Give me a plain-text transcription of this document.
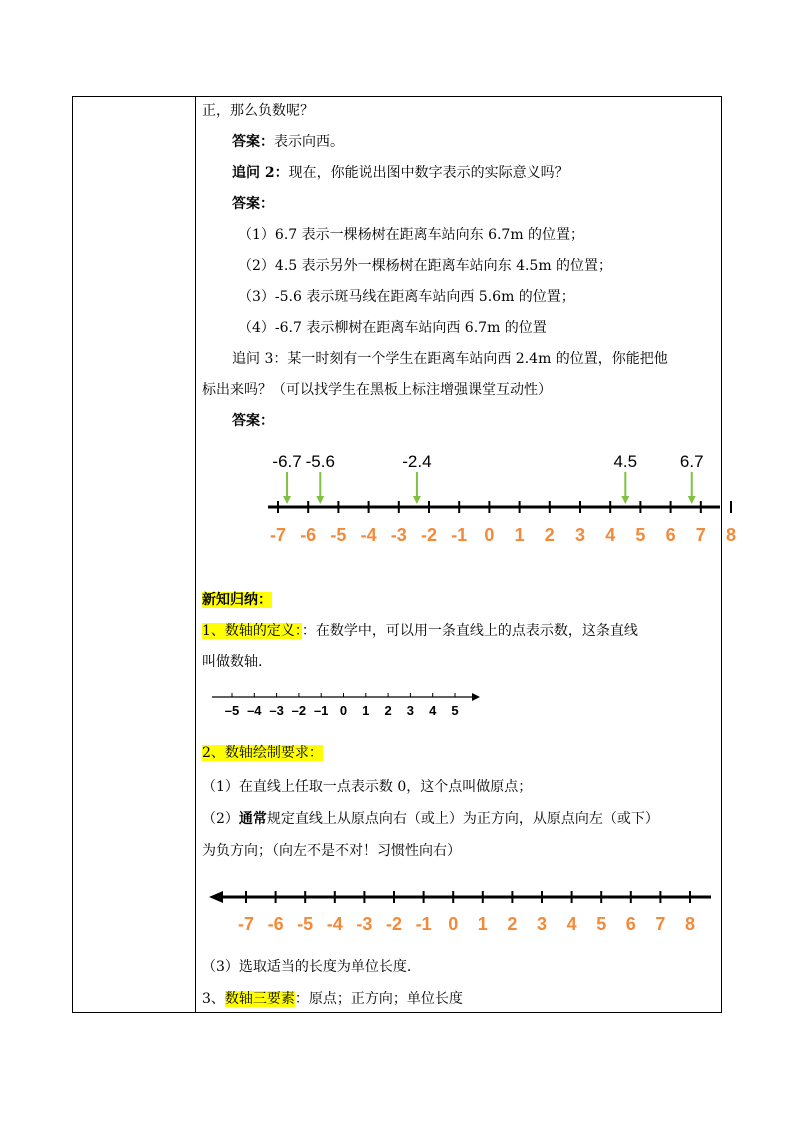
正，那么负数呢？
答案：表示向西。
追问 2：现在，你能说出图中数字表示的实际意义吗？
答案：
（1）6.7 表示一棵杨树在距离车站向东 6.7m 的位置；
（2）4.5 表示另外一棵杨树在距离车站向东 4.5m 的位置；
（3）-5.6 表示斑马线在距离车站向西 5.6m 的位置；
（4）-6.7 表示柳树在距离车站向西 6.7m 的位置
追问 3：某一时刻有一个学生在距离车站向西 2.4m 的位置，你能把他
标出来吗？（可以找学生在黑板上标注增强课堂互动性）
答案：
-7 -6 -5 -4 -3 -2 -1 0 1 2 3 4 5 6 7 8
-6.7 -5.6	-2.4	4.5	6.7
新知归纳：
1、数轴的定义：：在数学中，可以用一条直线上的点表示数，这条直线
叫做数轴.
–5 –4 –3 –2 –1 0 1 2 3 4 5
2、数轴绘制要求：
（1）在直线上任取一点表示数 0，这个点叫做原点；
（2）通常规定直线上从原点向右（或上）为正方向，从原点向左（或下）
为负方向；（向左不是不对！习惯性向右）
-7 -6 -5 -4 -3 -2 -1 0 1 2 3 4 5 6 7 8
（3）选取适当的长度为单位长度.
3、数轴三要素：原点；正方向；单位长度
